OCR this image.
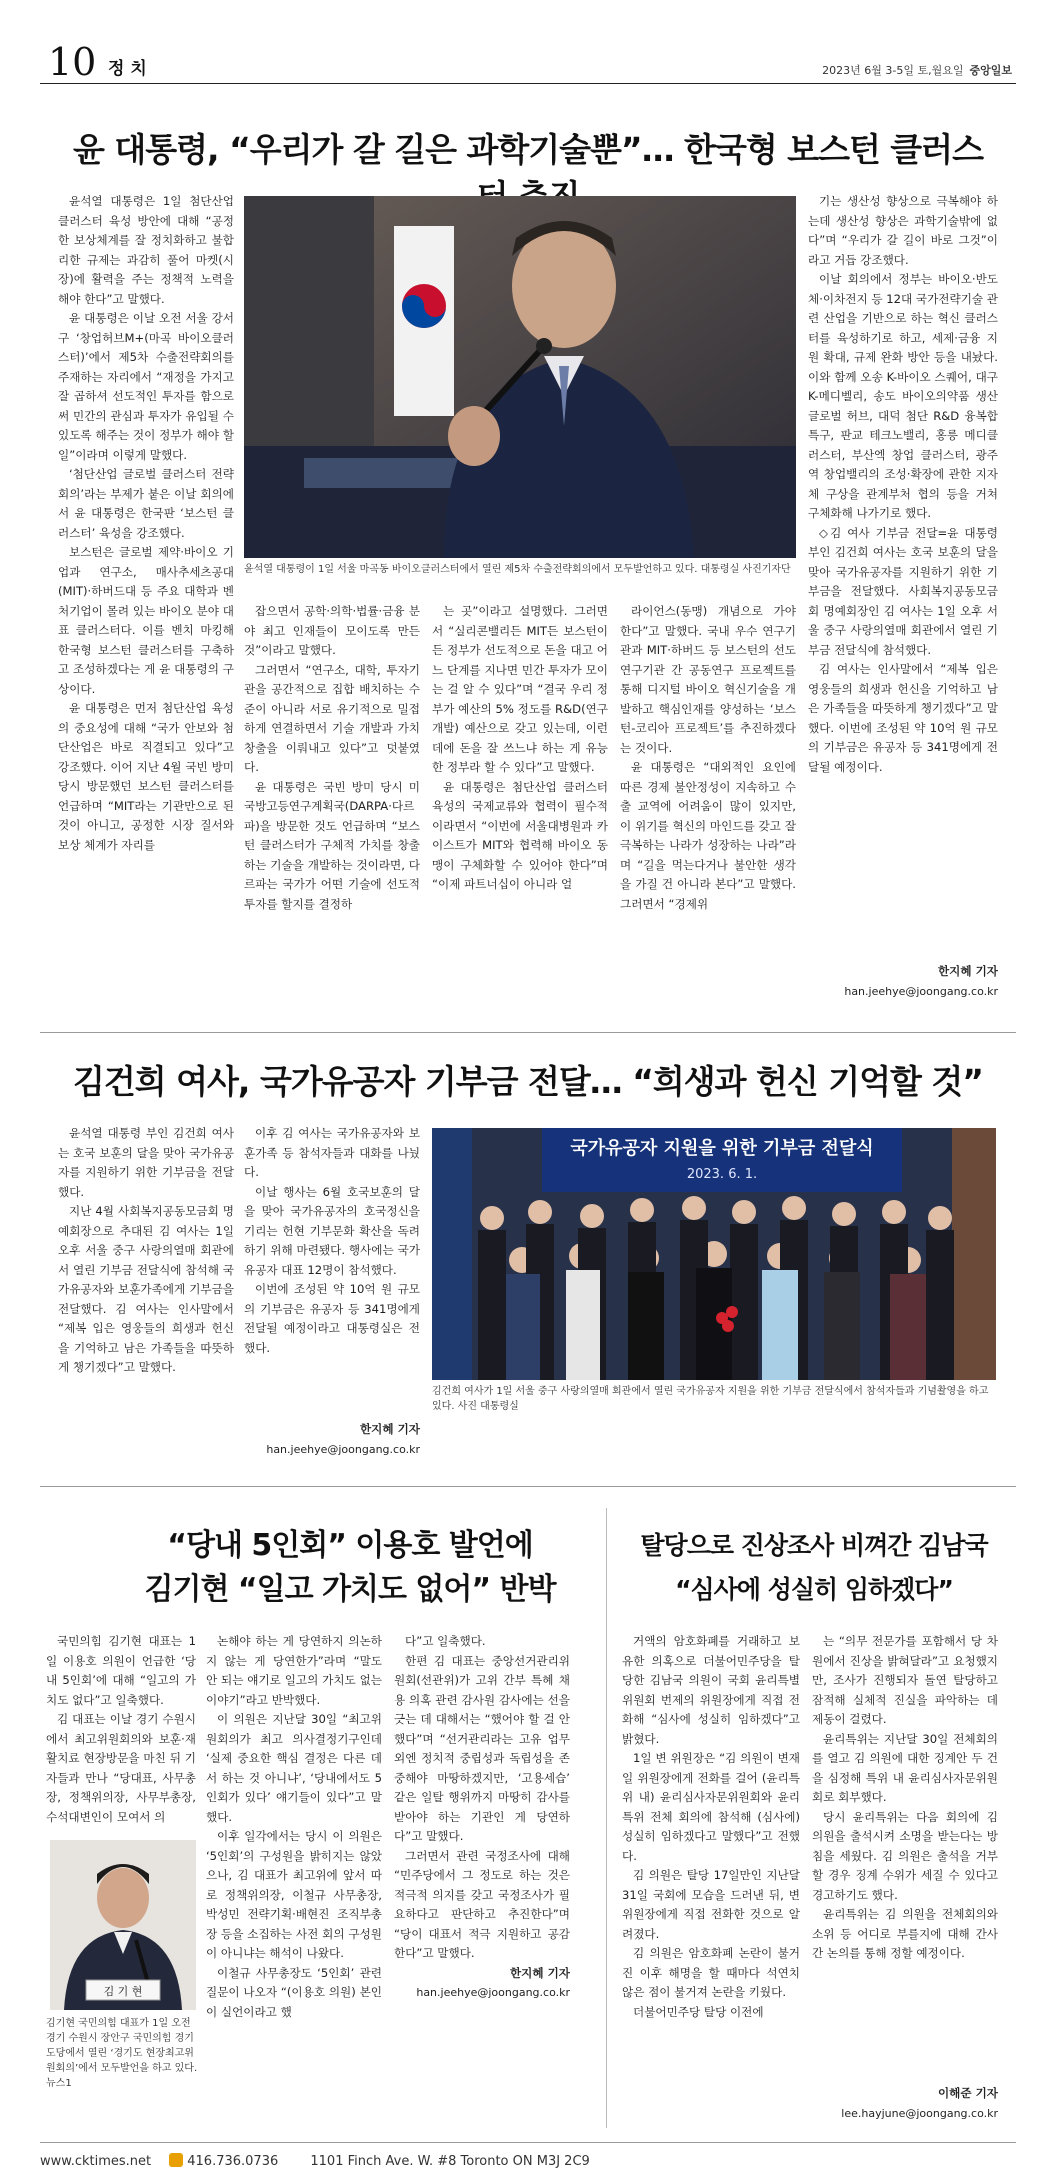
10 정 치	2023년 6월 3-5일 토,월요일 중앙일보
윤 대통령, “우리가 갈 길은 과학기술뿐”… 한국형 보스턴 클러스

윤석열 대통령은 1일 첨단산업 클러스터 육성 방안에 대해 “공정한 보상체계를 잘 정치화하고 불합리한 규제는 과감히 풀어 마켓(시장)에 활력을 주는 정책적 노력을 해야 한다”고 말했다.

윤 대통령은 이날 오전 서울 강서구 ‘창업허브M+(마곡 바이오클러스터)’에서 제5차 수출전략회의를 주재하는 자리에서 “재정을 가지고 잘 곱하셔 선도적인 투자를 함으로써 민간의 관심과 투자가 유입될 수 있도록 해주는 것이 정부가 해야 할 일”이라며 이렇게 말했다.

‘첨단산업 글로벌 클러스터 전략회의’라는 부제가 붙은 이날 회의에서 윤 대통령은 한국판 ‘보스턴 클러스터’ 육성을 강조했다.

보스턴은 글로벌 제약·바이오 기업과 연구소, 매사추세츠공대(MIT)·하버드대 등 주요 대학과 벤처기업이 몰려 있는 바이오 분야 대표 클러스터다. 이를 벤치 마킹해 한국형 보스턴 클러스터를 구축하고 조성하겠다는 게 윤 대통령의 구상이다.

윤 대통령은 먼저 첨단산업 육성의 중요성에 대해 “국가 안보와 첨단산업은 바로 직결되고 있다”고 강조했다. 이어 지난 4월 국빈 방미 당시 방문했던 보스턴 클러스터를 언급하며 “MIT라는 기관만으로 된 것이 아니고, 공정한 시장 질서와 보상 체계가 자리를

윤석열 대통령이 1일 서울 마곡동 바이오클러스터에서 열린 제5차 수출전략회의에서 모두발언하고 있다. 대통령실 사진기자단

잡으면서 공학·의학·법률·금융 분야 최고 인재들이 모이도록 만든 것”이라고 말했다.

그러면서 “연구소, 대학, 투자기관을 공간적으로 집합 배치하는 수준이 아니라 서로 유기적으로 밀접하게 연결하면서 기술 개발과 가치 창출을 이뤄내고 있다”고 덧붙였다.

윤 대통령은 국빈 방미 당시 미 국방고등연구계획국(DARPA·다르파)을 방문한 것도 언급하며 “보스턴 클러스터가 구체적 가치를 창출하는 기술을 개발하는 것이라면, 다르파는 국가가 어떤 기술에 선도적 투자를 할지를 결정하

는 곳”이라고 설명했다. 그러면서 “실리콘밸리든 MIT든 보스턴이든 정부가 선도적으로 돈을 대고 어느 단계를 지나면 민간 투자가 모이는 걸 알 수 있다”며 “결국 우리 정부가 예산의 5% 정도를 R&D(연구개발) 예산으로 갖고 있는데, 이런 데에 돈을 잘 쓰느냐 하는 게 유능한 정부라 할 수 있다”고 말했다.

윤 대통령은 첨단산업 클러스터 육성의 국제교류와 협력이 필수적이라면서 “이번에 서울대병원과 카이스트가 MIT와 협력해 바이오 동맹이 구체화할 수 있어야 한다”며 “이제 파트너십이 아니라 얼

라이언스(동맹) 개념으로 가야 한다”고 말했다. 국내 우수 연구기관과 MIT·하버드 등 보스턴의 선도 연구기관 간 공동연구 프로젝트를 통해 디지털 바이오 혁신기술을 개발하고 핵심인재를 양성하는 ‘보스턴-코리아 프로젝트’를 추진하겠다는 것이다.

윤 대통령은 “대외적인 요인에 따른 경제 불안정성이 지속하고 수출 교역에 어려움이 많이 있지만, 이 위기를 혁신의 마인드를 갖고 잘 극복하는 나라가 성장하는 나라”라며 “길을 먹는다거나 불안한 생각을 가질 건 아니라 본다”고 말했다. 그러면서 “경제위

기는 생산성 향상으로 극복해야 하는데 생산성 향상은 과학기술밖에 없다”며 “우리가 갈 길이 바로 그것”이라고 거듭 강조했다.

이날 회의에서 정부는 바이오·반도체·이차전지 등 12대 국가전략기술 관련 산업을 기반으로 하는 혁신 클러스터를 육성하기로 하고, 세제·금융 지원 확대, 규제 완화 방안 등을 내놨다. 이와 함께 오송 K-바이오 스퀘어, 대구 K-메디벨리, 송도 바이오의약품 생산 글로벌 허브, 대덕 첨단 R&D 융복합 특구, 판교 테크노밸리, 홍릉 메디클러스터, 부산엑 창업 클러스터, 광주역 창업밸리의 조성·확장에 관한 지자체 구상을 관계부처 협의 등을 거쳐 구체화해 나가기로 했다.

◇김 여사 기부금 전달=윤 대통령 부인 김건희 여사는 호국 보훈의 달을 맞아 국가유공자를 지원하기 위한 기부금을 전달했다. 사회복지공동모금회 명예회장인 김 여사는 1일 오후 서울 중구 사랑의열매 회관에서 열린 기부금 전달식에 참석했다.

김 여사는 인사말에서 “제복 입은 영웅들의 희생과 헌신을 기억하고 남은 가족들을 따뜻하게 챙기겠다”고 말했다. 이번에 조성된 약 10억 원 규모의 기부금은 유공자 등 341명에게 전달될 예정이다.

한지혜 기자

han.jeehye@joongang.co.kr

김건희 여사, 국가유공자 기부금 전달… “희생과 헌신 기억할 것”

윤석열 대통령 부인 김건희 여사는 호국 보훈의 달을 맞아 국가유공자를 지원하기 위한 기부금을 전달했다.

지난 4월 사회복지공동모금회 명예회장으로 추대된 김 여사는 1일 오후 서울 중구 사랑의열매 회관에서 열린 기부금 전달식에 참석해 국가유공자와 보훈가족에게 기부금을 전달했다. 김 여사는 인사말에서 “제복 입은 영웅들의 희생과 헌신을 기억하고 남은 가족들을 따뜻하게 챙기겠다”고 말했다.

이후 김 여사는 국가유공자와 보훈가족 등 참석자들과 대화를 나눴다.

이날 행사는 6월 호국보훈의 달을 맞아 국가유공자의 호국정신을 기리는 헌현 기부문화 확산을 독려하기 위해 마련됐다. 행사에는 국가유공자 대표 12명이 참석했다.

이번에 조성된 약 10억 원 규모의 기부금은 유공자 등 341명에게 전달될 예정이라고 대통령실은 전했다.

한지혜 기자

han.jeehye@joongang.co.kr

국가유공자 지원을 위한 기부금 전달식
2023. 6. 1.
김건희 여사가 1일 서울 중구 사랑의열매 회관에서 열린 국가유공자 지원을 위한 기부금 전달식에서 참석자들과 기념촬영을 하고 있다. 사진 대통령실
“당내 5인회” 이용호 발언에
김기현 “일고 가치도 없어” 반박

국민의힘 김기현 대표는 1일 이용호 의원이 언급한 ‘당내 5인회’에 대해 “일고의 가치도 없다”고 일축했다.

김 대표는 이날 경기 수원시에서 최고위원회의와 보훈·재활치료 현장방문을 마친 뒤 기자들과 만나 “당대표, 사무총장, 정책위의장, 사무부총장, 수석대변인이 모여서 의

김 기 현
김기현 국민의힘 대표가 1일 오전 경기 수원시 장안구 국민의힘 경기도당에서 열린 ‘경기도 현장최고위원회의’에서 모두발언을 하고 있다. 뉴스1

논해야 하는 게 당연하지 의논하지 않는 게 당연한가”라며 “말도 안 되는 얘기로 일고의 가치도 없는 이야기”라고 반박했다.

이 의원은 지난달 30일 “최고위원회의가 최고 의사결정기구인데 ‘실제 중요한 핵심 결정은 다른 데서 하는 것 아니냐’, ‘당내에서도 5인회가 있다’ 얘기들이 있다”고 말했다.

이후 일각에서는 당시 이 의원은 ‘5인회’의 구성원을 밝히지는 않았으나, 김 대표가 최고위에 앞서 따로 정책위의장, 이철규 사무총장, 박성민 전략기획·배현진 조직부총장 등을 소집하는 사전 회의 구성원이 아니냐는 해석이 나왔다.

이철규 사무총장도 ‘5인회’ 관련 질문이 나오자 “(이용호 의원) 본인이 실언이라고 했

다”고 일축했다.

한편 김 대표는 중앙선거관리위원회(선관위)가 고위 간부 특혜 채용 의혹 관련 감사원 감사에는 선을 긋는 데 대해서는 “했어야 할 걸 안 했다”며 “선거관리라는 고유 업무 외엔 정치적 중립성과 독립성을 존중해야 마땅하겠지만, ‘고용세습’ 같은 일탈 행위까지 마땅히 감사를 받아야 하는 기관인 게 당연하다”고 말했다.

그러면서 관련 국정조사에 대해 “민주당에서 그 정도로 하는 것은 적극적 의지를 갖고 국정조사가 필요하다고 판단하고 추진한다”며 “당이 대표서 적극 지원하고 공감한다”고 말했다.

한지혜 기자

han.jeehye@joongang.co.kr

탈당으로 진상조사 비껴간 김남국
“심사에 성실히 임하겠다”

거액의 암호화폐를 거래하고 보유한 의혹으로 더불어민주당을 탈당한 김남국 의원이 국회 윤리특별위원회 번제의 위원장에게 직접 전화해 “심사에 성실히 임하겠다”고 밝혔다.

1일 변 위원장은 “김 의원이 변재일 위원장에게 전화를 걸어 (윤리특위 내) 윤리심사자문위원회와 윤리특위 전체 회의에 참석해 (심사에) 성실히 임하겠다고 말했다”고 전했다.

김 의원은 탈당 17일만인 지난달 31일 국회에 모습을 드러낸 뒤, 변 위원장에게 직접 전화한 것으로 알려졌다.

김 의원은 암호화폐 논란이 불거진 이후 해명을 할 때마다 석연치 않은 점이 불거져 논란을 키웠다.

더불어민주당 탈당 이전에

는 “의무 전문가를 포함해서 당 차원에서 진상을 밝혀달라”고 요청했지만, 조사가 진행되자 돌연 탈당하고 잠적해 실체적 진실을 파악하는 데 제동이 걸렸다.

윤리특위는 지난달 30일 전체회의를 열고 김 의원에 대한 징계안 두 건을 심정해 특위 내 윤리심사자문위원회로 회부했다.

당시 윤리특위는 다음 회의에 김 의원을 출석시켜 소명을 받는다는 방침을 세웠다. 김 의원은 출석을 거부할 경우 징계 수위가 세질 수 있다고 경고하기도 했다.

윤리특위는 김 의원을 전체회의와 소위 등 어디로 부를지에 대해 간사 간 논의를 통해 정할 예정이다.

이해준 기자

lee.hayjune@joongang.co.kr

www.cktimes.net	416.736.0736 1101 Finch Ave. W. #8 Toronto ON M3J 2C9
